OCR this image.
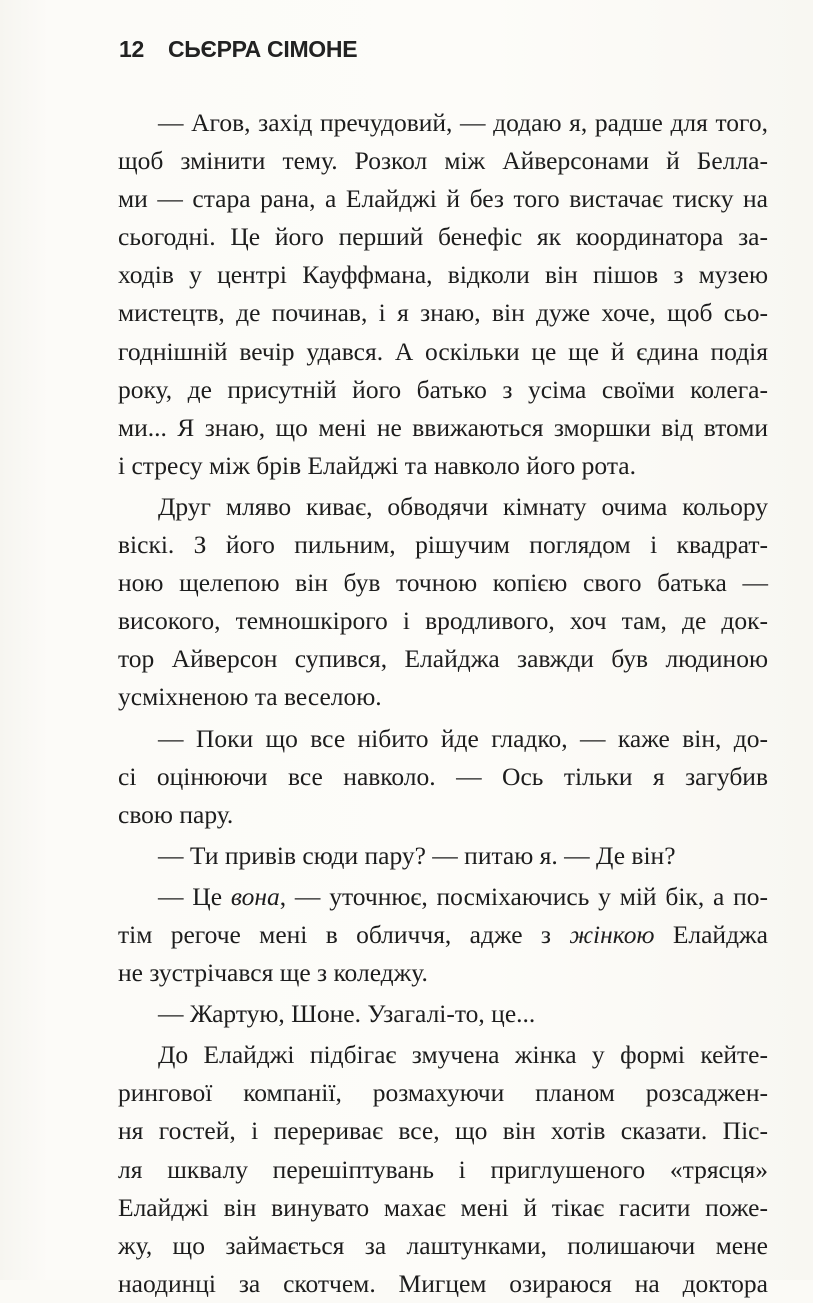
12 СЬЄРРА СІМОНЕ
— Агов, захід пречудовий, — додаю я, радше для того,
щоб змінити тему. Розкол між Айверсонами й Белла-
ми — стара рана, а Елайджі й без того вистачає тиску на
сьогодні. Це його перший бенефіс як координатора за-
ходів у центрі Кауффмана, відколи він пішов з музею
мистецтв, де починав, і я знаю, він дуже хоче, щоб сьо-
годнішній вечір удався. А оскільки це ще й єдина подія
року, де присутній його батько з усіма своїми колега-
ми... Я знаю, що мені не ввижаються зморшки від втоми
і стресу між брів Елайджі та навколо його рота.
Друг мляво киває, обводячи кімнату очима кольору
віскі. З його пильним, рішучим поглядом і квадрат-
ною щелепою він був точною копією свого батька —
високого, темношкірого і вродливого, хоч там, де док-
тор Айверсон супився, Елайджа завжди був людиною
усміхненою та веселою.
— Поки що все нібито йде гладко, — каже він, до-
сі оцінюючи все навколо. — Ось тільки я загубив
свою пару.
— Ти привів сюди пару? — питаю я. — Де він?
— Це вона, — уточнює, посміхаючись у мій бік, а по-
тім регоче мені в обличчя, адже з жінкою Елайджа
не зустрічався ще з коледжу.
— Жартую, Шоне. Узагалі-то, це...
До Елайджі підбігає змучена жінка у формі кейте-
рингової компанії, розмахуючи планом розсаджен-
ня гостей, і перериває все, що він хотів сказати. Піс-
ля шквалу перешіптувань і приглушеного «трясця»
Елайджі він винувато махає мені й тікає гасити поже-
жу, що займається за лаштунками, полишаючи мене
наодинці за скотчем. Мигцем озираюся на доктора
